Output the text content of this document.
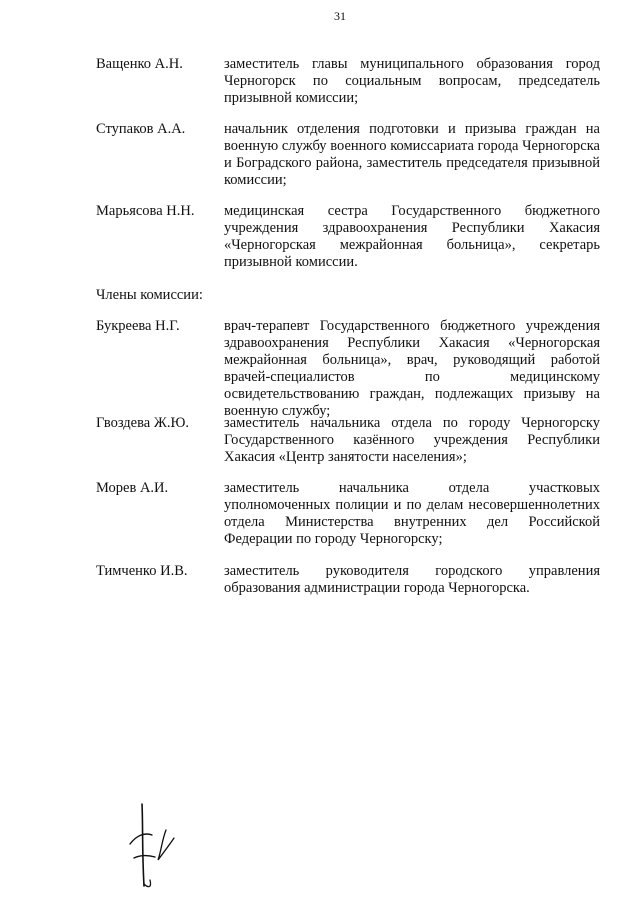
31
Ващенко А.Н.	заместитель главы муниципального образования город Черногорск по социальным вопросам, председатель призывной комиссии;
Ступаков А.А.	начальник отделения подготовки и призыва граждан на военную службу военного комиссариата города Черногорска и Боградского района, заместитель председателя призывной комиссии;
Марьясова Н.Н. медицинская сестра Государственного бюджетного учреждения здравоохранения Республики Хакасия «Черногорская межрайонная больница», секретарь призывной комиссии.
Члены комиссии:
Букреева Н.Г.	врач-терапевт Государственного бюджетного учреждения здравоохранения Республики Хакасия «Черногорская межрайонная больница», врач, руководящий работой врачей-специалистов по медицинскому освидетельствованию граждан, подлежащих призыву на военную службу;
Гвоздева Ж.Ю. заместитель начальника отдела по городу Черногорску Государственного казённого учреждения Республики Хакасия «Центр занятости населения»;
Морев А.И.	заместитель начальника отдела участковых уполномоченных полиции и по делам несовершеннолетних отдела Министерства внутренних дел Российской Федерации по городу Черногорску;
Тимченко И.В.	заместитель руководителя городского управления образования администрации города Черногорска.
